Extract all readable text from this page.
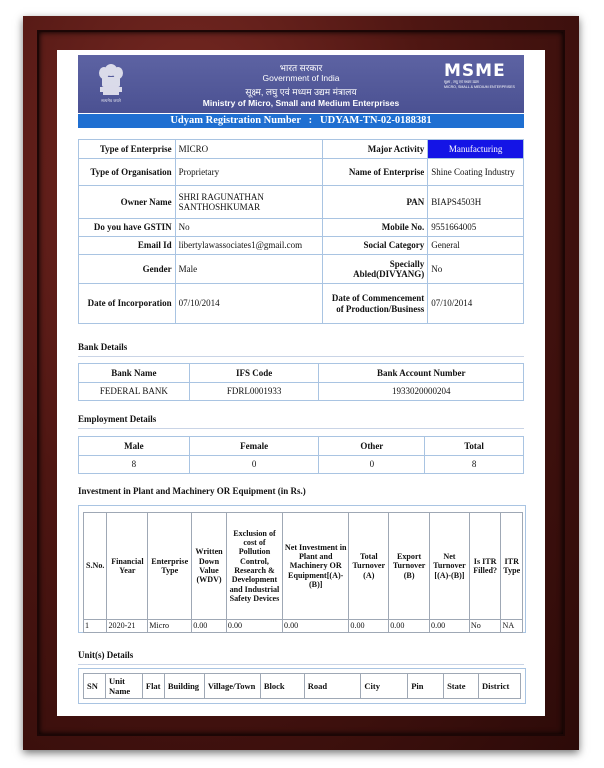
सत्यमेव जयते
भारत सरकार
Government of India
सूक्ष्म, लघु एवं मध्यम उद्यम मंत्रालय
Ministry of Micro, Small and Medium Enterprises
MSME
सूक्ष्म , लघु एवं मध्यम उद्यम
MICRO, SMALL & MEDIUM ENTERPRISES
Udyam Registration Number   :   UDYAM-TN-02-0188381
Type of Enterprise	MICRO	Major Activity	Manufacturing
Type of Organisation	Proprietary	Name of Enterprise	Shine Coating Industry
Owner Name	SHRI RAGUNATHAN SANTHOSHKUMAR	PAN	BIAPS4503H
Do you have GSTIN	No	Mobile No.	9551664005
Email Id	libertylawassociates1@gmail.com	Social Category	General
Gender	Male	Specially Abled(DIVYANG)	No
Date of Incorporation	07/10/2014	Date of Commencement of Production/Business	07/10/2014
Bank Details
Bank Name	IFS Code	Bank Account Number
FEDERAL BANK	FDRL0001933	1933020000204
Employment Details
Male	Female	Other	Total
8	0	0	8
Investment in Plant and Machinery OR Equipment (in Rs.)
S.No.	Financial Year	Enterprise Type	Written Down Value (WDV)	Exclusion of cost of Pollution Control, Research & Development and Industrial Safety Devices	Net Investment in Plant and Machinery OR Equipment[(A)-(B)]	Total Turnover (A)	Export Turnover (B)	Net Turnover [(A)-(B)]	Is ITR Filled?	ITR Type
1	2020-21	Micro	0.00	0.00	0.00	0.00	0.00	0.00	No	NA
Unit(s) Details
SN	Unit Name	Flat	Building	Village/Town	Block	Road	City	Pin	State	District
